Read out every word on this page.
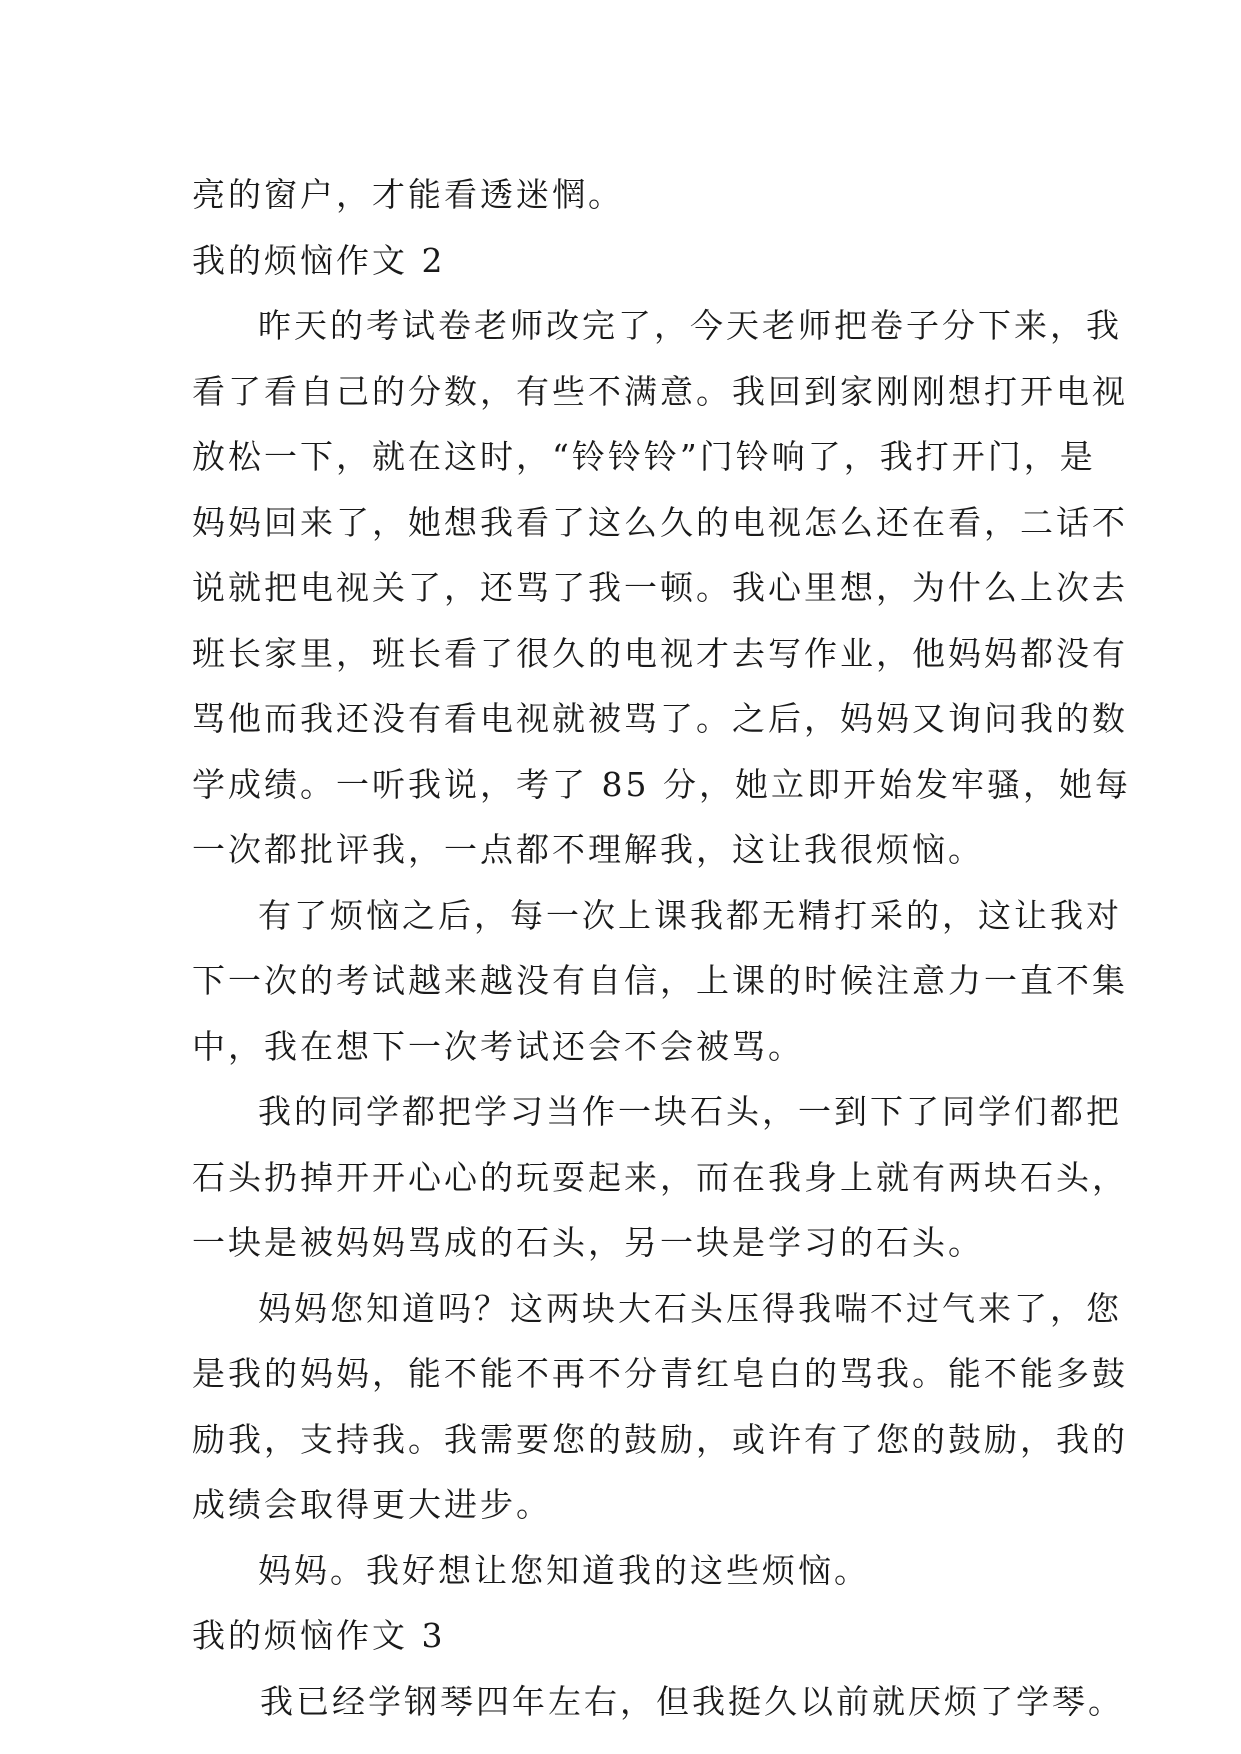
亮的窗户，才能看透迷惘。
我的烦恼作文 2
昨天的考试卷老师改完了，今天老师把卷子分下来，我
看了看自己的分数，有些不满意。我回到家刚刚想打开电视
放松一下，就在这时，“铃铃铃”门铃响了，我打开门，是
妈妈回来了，她想我看了这么久的电视怎么还在看，二话不
说就把电视关了，还骂了我一顿。我心里想，为什么上次去
班长家里，班长看了很久的电视才去写作业，他妈妈都没有
骂他而我还没有看电视就被骂了。之后，妈妈又询问我的数
学成绩。一听我说，考了 85 分，她立即开始发牢骚，她每
一次都批评我，一点都不理解我，这让我很烦恼。
有了烦恼之后，每一次上课我都无精打采的，这让我对
下一次的考试越来越没有自信，上课的时候注意力一直不集
中，我在想下一次考试还会不会被骂。
我的同学都把学习当作一块石头，一到下了同学们都把
石头扔掉开开心心的玩耍起来，而在我身上就有两块石头，
一块是被妈妈骂成的石头，另一块是学习的石头。
妈妈您知道吗？这两块大石头压得我喘不过气来了，您
是我的妈妈，能不能不再不分青红皂白的骂我。能不能多鼓
励我，支持我。我需要您的鼓励，或许有了您的鼓励，我的
成绩会取得更大进步。
妈妈。我好想让您知道我的这些烦恼。
我的烦恼作文 3
我已经学钢琴四年左右，但我挺久以前就厌烦了学琴。
